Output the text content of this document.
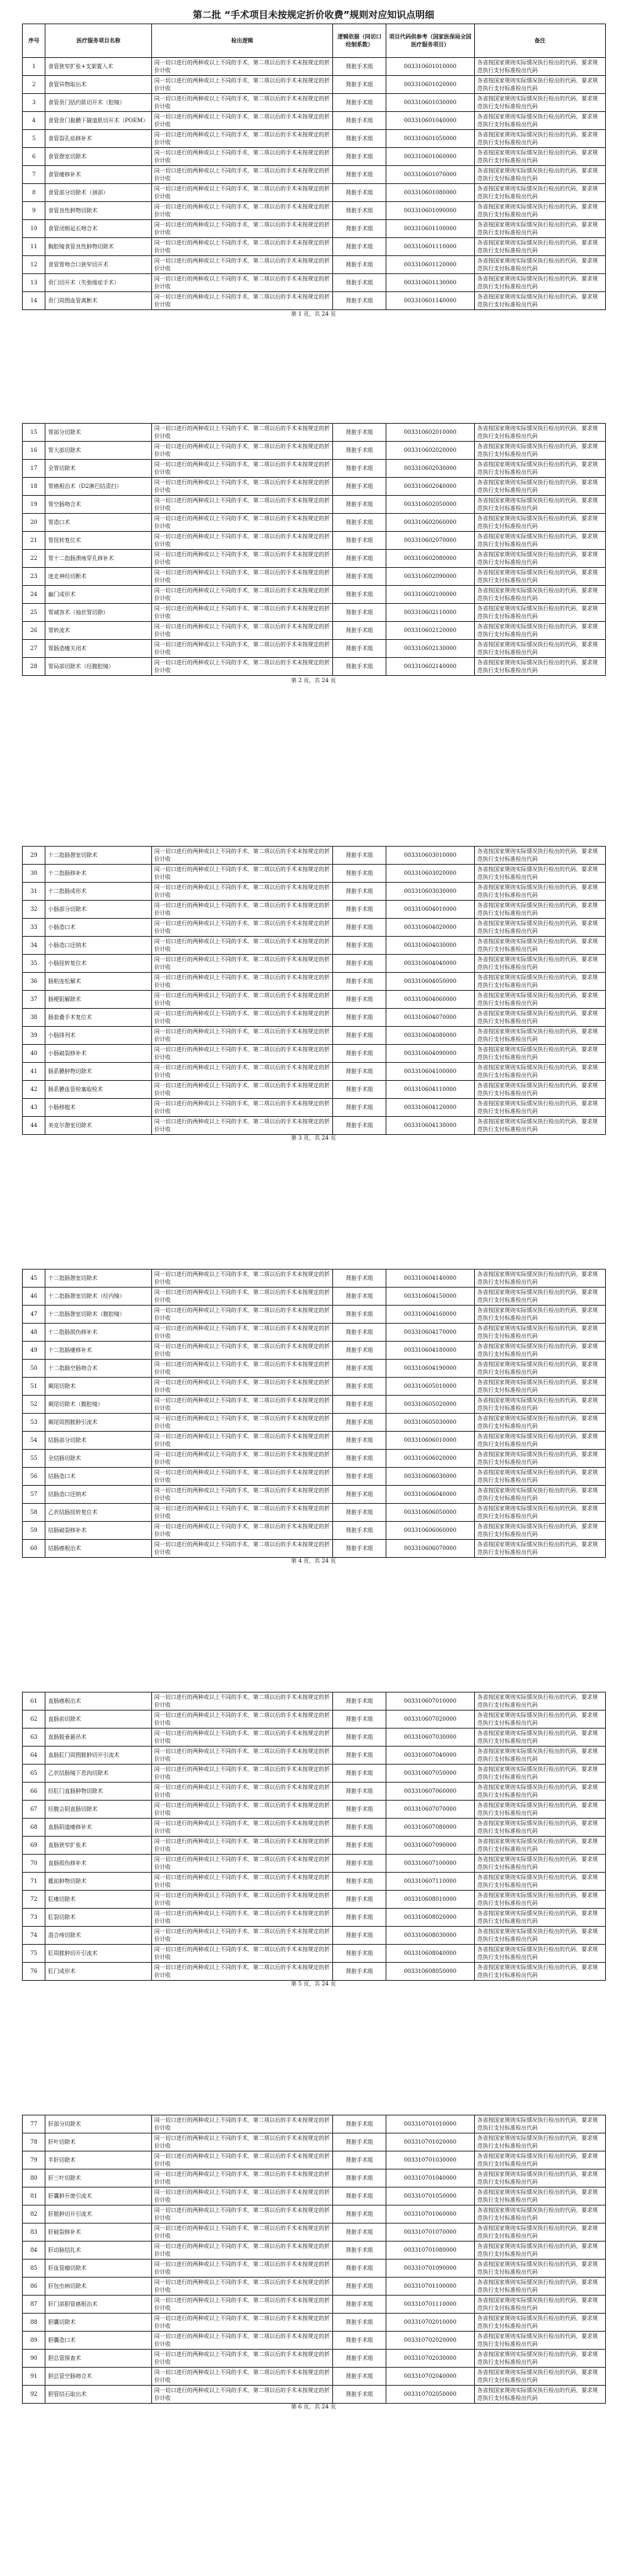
第二批 “手术项目未按规定折价收费”规则对应知识点明细
序号	医疗服务项目名称	检出逻辑	逻辑依据（同切口经制系数）	项目代码供参考（国家医保局全国医疗服务项目）	备注
1	食管狭窄扩张+支架置入术	同一切口进行的两种或以上不同的手术，第二项以后的手术未按规定的折价计收	肾脏手术组	003310601010000	各省按国家规则实际情况执行检出的代码，要求规范执行支付标准检出代码
2	食管异物取出术	同一切口进行的两种或以上不同的手术，第二项以后的手术未按规定的折价计收	肾脏手术组	003310601020000	各省按国家规则实际情况执行检出的代码，要求规范执行支付标准检出代码
3	食管贲门括约肌切开术（腔镜）	同一切口进行的两种或以上不同的手术，第二项以后的手术未按规定的折价计收	肾脏手术组	003310601030000	各省按国家规则实际情况执行检出的代码，要求规范执行支付标准检出代码
4	食管贲门黏膜下隧道肌切开术（POEM）	同一切口进行的两种或以上不同的手术，第二项以后的手术未按规定的折价计收	肾脏手术组	003310601040000	各省按国家规则实际情况执行检出的代码，要求规范执行支付标准检出代码
5	食管裂孔疝修补术	同一切口进行的两种或以上不同的手术，第二项以后的手术未按规定的折价计收	肾脏手术组	003310601050000	各省按国家规则实际情况执行检出的代码，要求规范执行支付标准检出代码
6	食管憩室切除术	同一切口进行的两种或以上不同的手术，第二项以后的手术未按规定的折价计收	肾脏手术组	003310601060000	各省按国家规则实际情况执行检出的代码，要求规范执行支付标准检出代码
7	食管瘘修补术	同一切口进行的两种或以上不同的手术，第二项以后的手术未按规定的折价计收	肾脏手术组	003310601070000	各省按国家规则实际情况执行检出的代码，要求规范执行支付标准检出代码
8	食管部分切除术（颈部）	同一切口进行的两种或以上不同的手术，第二项以后的手术未按规定的折价计收	肾脏手术组	003310601080000	各省按国家规则实际情况执行检出的代码，要求规范执行支付标准检出代码
9	食管良性肿物切除术	同一切口进行的两种或以上不同的手术，第二项以后的手术未按规定的折价计收	肾脏手术组	003310601090000	各省按国家规则实际情况执行检出的代码，要求规范执行支付标准检出代码
10	食管闭锁延长吻合术	同一切口进行的两种或以上不同的手术，第二项以后的手术未按规定的折价计收	肾脏手术组	003310601100000	各省按国家规则实际情况执行检出的代码，要求规范执行支付标准检出代码
11	胸腔镜食管良性肿物切除术	同一切口进行的两种或以上不同的手术，第二项以后的手术未按规定的折价计收	肾脏手术组	003310601110000	各省按国家规则实际情况执行检出的代码，要求规范执行支付标准检出代码
12	食管胃吻合口狭窄切开术	同一切口进行的两种或以上不同的手术，第二项以后的手术未按规定的折价计收	肾脏手术组	003310601120000	各省按国家规则实际情况执行检出的代码，要求规范执行支付标准检出代码
13	贲门切开术（失弛缓症手术）	同一切口进行的两种或以上不同的手术，第二项以后的手术未按规定的折价计收	肾脏手术组	003310601130000	各省按国家规则实际情况执行检出的代码，要求规范执行支付标准检出代码
14	贲门周围血管离断术	同一切口进行的两种或以上不同的手术，第二项以后的手术未按规定的折价计收	肾脏手术组	003310601140000	各省按国家规则实际情况执行检出的代码，要求规范执行支付标准检出代码
第 1 页，共 24 页
15	胃部分切除术	同一切口进行的两种或以上不同的手术，第二项以后的手术未按规定的折价计收	肾脏手术组	003310602010000	各省按国家规则实际情况执行检出的代码，要求规范执行支付标准检出代码
16	胃大部切除术	同一切口进行的两种或以上不同的手术，第二项以后的手术未按规定的折价计收	肾脏手术组	003310602020000	各省按国家规则实际情况执行检出的代码，要求规范执行支付标准检出代码
17	全胃切除术	同一切口进行的两种或以上不同的手术，第二项以后的手术未按规定的折价计收	肾脏手术组	003310602030000	各省按国家规则实际情况执行检出的代码，要求规范执行支付标准检出代码
18	胃癌根治术（D2淋巴结清扫）	同一切口进行的两种或以上不同的手术，第二项以后的手术未按规定的折价计收	肾脏手术组	003310602040000	各省按国家规则实际情况执行检出的代码，要求规范执行支付标准检出代码
19	胃空肠吻合术	同一切口进行的两种或以上不同的手术，第二项以后的手术未按规定的折价计收	肾脏手术组	003310602050000	各省按国家规则实际情况执行检出的代码，要求规范执行支付标准检出代码
20	胃造口术	同一切口进行的两种或以上不同的手术，第二项以后的手术未按规定的折价计收	肾脏手术组	003310602060000	各省按国家规则实际情况执行检出的代码，要求规范执行支付标准检出代码
21	胃扭转复位术	同一切口进行的两种或以上不同的手术，第二项以后的手术未按规定的折价计收	肾脏手术组	003310602070000	各省按国家规则实际情况执行检出的代码，要求规范执行支付标准检出代码
22	胃十二指肠溃疡穿孔修补术	同一切口进行的两种或以上不同的手术，第二项以后的手术未按规定的折价计收	肾脏手术组	003310602080000	各省按国家规则实际情况执行检出的代码，要求规范执行支付标准检出代码
23	迷走神经切断术	同一切口进行的两种或以上不同的手术，第二项以后的手术未按规定的折价计收	肾脏手术组	003310602090000	各省按国家规则实际情况执行检出的代码，要求规范执行支付标准检出代码
24	幽门成形术	同一切口进行的两种或以上不同的手术，第二项以后的手术未按规定的折价计收	肾脏手术组	003310602100000	各省按国家规则实际情况执行检出的代码，要求规范执行支付标准检出代码
25	胃减容术（袖状胃切除）	同一切口进行的两种或以上不同的手术，第二项以后的手术未按规定的折价计收	肾脏手术组	003310602110000	各省按国家规则实际情况执行检出的代码，要求规范执行支付标准检出代码
26	胃转流术	同一切口进行的两种或以上不同的手术，第二项以后的手术未按规定的折价计收	肾脏手术组	003310602120000	各省按国家规则实际情况执行检出的代码，要求规范执行支付标准检出代码
27	胃肠造瘘关闭术	同一切口进行的两种或以上不同的手术，第二项以后的手术未按规定的折价计收	肾脏手术组	003310602130000	各省按国家规则实际情况执行检出的代码，要求规范执行支付标准检出代码
28	胃局部切除术（经腹腔镜）	同一切口进行的两种或以上不同的手术，第二项以后的手术未按规定的折价计收	肾脏手术组	003310602140000	各省按国家规则实际情况执行检出的代码，要求规范执行支付标准检出代码
第 2 页，共 24 页
29	十二指肠憩室切除术	同一切口进行的两种或以上不同的手术，第二项以后的手术未按规定的折价计收	肾脏手术组	003310603010000	各省按国家规则实际情况执行检出的代码，要求规范执行支付标准检出代码
30	十二指肠修补术	同一切口进行的两种或以上不同的手术，第二项以后的手术未按规定的折价计收	肾脏手术组	003310603020000	各省按国家规则实际情况执行检出的代码，要求规范执行支付标准检出代码
31	十二指肠成形术	同一切口进行的两种或以上不同的手术，第二项以后的手术未按规定的折价计收	肾脏手术组	003310603030000	各省按国家规则实际情况执行检出的代码，要求规范执行支付标准检出代码
32	小肠部分切除术	同一切口进行的两种或以上不同的手术，第二项以后的手术未按规定的折价计收	肾脏手术组	003310604010000	各省按国家规则实际情况执行检出的代码，要求规范执行支付标准检出代码
33	小肠造口术	同一切口进行的两种或以上不同的手术，第二项以后的手术未按规定的折价计收	肾脏手术组	003310604020000	各省按国家规则实际情况执行检出的代码，要求规范执行支付标准检出代码
34	小肠造口还纳术	同一切口进行的两种或以上不同的手术，第二项以后的手术未按规定的折价计收	肾脏手术组	003310604030000	各省按国家规则实际情况执行检出的代码，要求规范执行支付标准检出代码
35	小肠扭转复位术	同一切口进行的两种或以上不同的手术，第二项以后的手术未按规定的折价计收	肾脏手术组	003310604040000	各省按国家规则实际情况执行检出的代码，要求规范执行支付标准检出代码
36	肠粘连松解术	同一切口进行的两种或以上不同的手术，第二项以后的手术未按规定的折价计收	肾脏手术组	003310604050000	各省按国家规则实际情况执行检出的代码，要求规范执行支付标准检出代码
37	肠梗阻解除术	同一切口进行的两种或以上不同的手术，第二项以后的手术未按规定的折价计收	肾脏手术组	003310604060000	各省按国家规则实际情况执行检出的代码，要求规范执行支付标准检出代码
38	肠套叠手术复位术	同一切口进行的两种或以上不同的手术，第二项以后的手术未按规定的折价计收	肾脏手术组	003310604070000	各省按国家规则实际情况执行检出的代码，要求规范执行支付标准检出代码
39	小肠排列术	同一切口进行的两种或以上不同的手术，第二项以后的手术未按规定的折价计收	肾脏手术组	003310604080000	各省按国家规则实际情况执行检出的代码，要求规范执行支付标准检出代码
40	小肠破裂修补术	同一切口进行的两种或以上不同的手术，第二项以后的手术未按规定的折价计收	肾脏手术组	003310604090000	各省按国家规则实际情况执行检出的代码，要求规范执行支付标准检出代码
41	肠系膜肿物切除术	同一切口进行的两种或以上不同的手术，第二项以后的手术未按规定的折价计收	肾脏手术组	003310604100000	各省按国家规则实际情况执行检出的代码，要求规范执行支付标准检出代码
42	肠系膜血管栓塞取栓术	同一切口进行的两种或以上不同的手术，第二项以后的手术未按规定的折价计收	肾脏手术组	003310604110000	各省按国家规则实际情况执行检出的代码，要求规范执行支付标准检出代码
43	小肠移植术	同一切口进行的两种或以上不同的手术，第二项以后的手术未按规定的折价计收	肾脏手术组	003310604120000	各省按国家规则实际情况执行检出的代码，要求规范执行支付标准检出代码
44	美克尔憩室切除术	同一切口进行的两种或以上不同的手术，第二项以后的手术未按规定的折价计收	肾脏手术组	003310604130000	各省按国家规则实际情况执行检出的代码，要求规范执行支付标准检出代码
第 3 页，共 24 页
45	十二指肠憩室切除术	同一切口进行的两种或以上不同的手术，第二项以后的手术未按规定的折价计收	肾脏手术组	003310604140000	各省按国家规则实际情况执行检出的代码，要求规范执行支付标准检出代码
46	十二指肠憩室切除术（经内镜）	同一切口进行的两种或以上不同的手术，第二项以后的手术未按规定的折价计收	肾脏手术组	003310604150000	各省按国家规则实际情况执行检出的代码，要求规范执行支付标准检出代码
47	十二指肠憩室切除术（腹腔镜）	同一切口进行的两种或以上不同的手术，第二项以后的手术未按规定的折价计收	肾脏手术组	003310604160000	各省按国家规则实际情况执行检出的代码，要求规范执行支付标准检出代码
48	十二指肠损伤修补术	同一切口进行的两种或以上不同的手术，第二项以后的手术未按规定的折价计收	肾脏手术组	003310604170000	各省按国家规则实际情况执行检出的代码，要求规范执行支付标准检出代码
49	十二指肠瘘修补术	同一切口进行的两种或以上不同的手术，第二项以后的手术未按规定的折价计收	肾脏手术组	003310604180000	各省按国家规则实际情况执行检出的代码，要求规范执行支付标准检出代码
50	十二指肠空肠吻合术	同一切口进行的两种或以上不同的手术，第二项以后的手术未按规定的折价计收	肾脏手术组	003310604190000	各省按国家规则实际情况执行检出的代码，要求规范执行支付标准检出代码
51	阑尾切除术	同一切口进行的两种或以上不同的手术，第二项以后的手术未按规定的折价计收	肾脏手术组	003310605010000	各省按国家规则实际情况执行检出的代码，要求规范执行支付标准检出代码
52	阑尾切除术（腹腔镜）	同一切口进行的两种或以上不同的手术，第二项以后的手术未按规定的折价计收	肾脏手术组	003310605020000	各省按国家规则实际情况执行检出的代码，要求规范执行支付标准检出代码
53	阑尾周围脓肿引流术	同一切口进行的两种或以上不同的手术，第二项以后的手术未按规定的折价计收	肾脏手术组	003310605030000	各省按国家规则实际情况执行检出的代码，要求规范执行支付标准检出代码
54	结肠部分切除术	同一切口进行的两种或以上不同的手术，第二项以后的手术未按规定的折价计收	肾脏手术组	003310606010000	各省按国家规则实际情况执行检出的代码，要求规范执行支付标准检出代码
55	全结肠切除术	同一切口进行的两种或以上不同的手术，第二项以后的手术未按规定的折价计收	肾脏手术组	003310606020000	各省按国家规则实际情况执行检出的代码，要求规范执行支付标准检出代码
56	结肠造口术	同一切口进行的两种或以上不同的手术，第二项以后的手术未按规定的折价计收	肾脏手术组	003310606030000	各省按国家规则实际情况执行检出的代码，要求规范执行支付标准检出代码
57	结肠造口还纳术	同一切口进行的两种或以上不同的手术，第二项以后的手术未按规定的折价计收	肾脏手术组	003310606040000	各省按国家规则实际情况执行检出的代码，要求规范执行支付标准检出代码
58	乙状结肠扭转复位术	同一切口进行的两种或以上不同的手术，第二项以后的手术未按规定的折价计收	肾脏手术组	003310606050000	各省按国家规则实际情况执行检出的代码，要求规范执行支付标准检出代码
59	结肠破裂修补术	同一切口进行的两种或以上不同的手术，第二项以后的手术未按规定的折价计收	肾脏手术组	003310606060000	各省按国家规则实际情况执行检出的代码，要求规范执行支付标准检出代码
60	结肠癌根治术	同一切口进行的两种或以上不同的手术，第二项以后的手术未按规定的折价计收	肾脏手术组	003310606070000	各省按国家规则实际情况执行检出的代码，要求规范执行支付标准检出代码
第 4 页，共 24 页
61	直肠癌根治术	同一切口进行的两种或以上不同的手术，第二项以后的手术未按规定的折价计收	肾脏手术组	003310607010000	各省按国家规则实际情况执行检出的代码，要求规范执行支付标准检出代码
62	直肠前切除术	同一切口进行的两种或以上不同的手术，第二项以后的手术未按规定的折价计收	肾脏手术组	003310607020000	各省按国家规则实际情况执行检出的代码，要求规范执行支付标准检出代码
63	直肠脱垂悬吊术	同一切口进行的两种或以上不同的手术，第二项以后的手术未按规定的折价计收	肾脏手术组	003310607030000	各省按国家规则实际情况执行检出的代码，要求规范执行支付标准检出代码
64	直肠肛门周围脓肿切开引流术	同一切口进行的两种或以上不同的手术，第二项以后的手术未按规定的折价计收	肾脏手术组	003310607040000	各省按国家规则实际情况执行检出的代码，要求规范执行支付标准检出代码
65	乙状结肠镜下息肉切除术	同一切口进行的两种或以上不同的手术，第二项以后的手术未按规定的折价计收	肾脏手术组	003310607050000	各省按国家规则实际情况执行检出的代码，要求规范执行支付标准检出代码
66	经肛门直肠肿物切除术	同一切口进行的两种或以上不同的手术，第二项以后的手术未按规定的折价计收	肾脏手术组	003310607060000	各省按国家规则实际情况执行检出的代码，要求规范执行支付标准检出代码
67	经腹会阴直肠切除术	同一切口进行的两种或以上不同的手术，第二项以后的手术未按规定的折价计收	肾脏手术组	003310607070000	各省按国家规则实际情况执行检出的代码，要求规范执行支付标准检出代码
68	直肠阴道瘘修补术	同一切口进行的两种或以上不同的手术，第二项以后的手术未按规定的折价计收	肾脏手术组	003310607080000	各省按国家规则实际情况执行检出的代码，要求规范执行支付标准检出代码
69	直肠狭窄扩张术	同一切口进行的两种或以上不同的手术，第二项以后的手术未按规定的折价计收	肾脏手术组	003310607090000	各省按国家规则实际情况执行检出的代码，要求规范执行支付标准检出代码
70	直肠损伤修补术	同一切口进行的两种或以上不同的手术，第二项以后的手术未按规定的折价计收	肾脏手术组	003310607100000	各省按国家规则实际情况执行检出的代码，要求规范执行支付标准检出代码
71	骶前肿物切除术	同一切口进行的两种或以上不同的手术，第二项以后的手术未按规定的折价计收	肾脏手术组	003310607110000	各省按国家规则实际情况执行检出的代码，要求规范执行支付标准检出代码
72	肛瘘切除术	同一切口进行的两种或以上不同的手术，第二项以后的手术未按规定的折价计收	肾脏手术组	003310608010000	各省按国家规则实际情况执行检出的代码，要求规范执行支付标准检出代码
73	肛裂切除术	同一切口进行的两种或以上不同的手术，第二项以后的手术未按规定的折价计收	肾脏手术组	003310608020000	各省按国家规则实际情况执行检出的代码，要求规范执行支付标准检出代码
74	混合痔切除术	同一切口进行的两种或以上不同的手术，第二项以后的手术未按规定的折价计收	肾脏手术组	003310608030000	各省按国家规则实际情况执行检出的代码，要求规范执行支付标准检出代码
75	肛周脓肿切开引流术	同一切口进行的两种或以上不同的手术，第二项以后的手术未按规定的折价计收	肾脏手术组	003310608040000	各省按国家规则实际情况执行检出的代码，要求规范执行支付标准检出代码
76	肛门成形术	同一切口进行的两种或以上不同的手术，第二项以后的手术未按规定的折价计收	肾脏手术组	003310608050000	各省按国家规则实际情况执行检出的代码，要求规范执行支付标准检出代码
第 5 页，共 24 页
77	肝部分切除术	同一切口进行的两种或以上不同的手术，第二项以后的手术未按规定的折价计收	肾脏手术组	003310701010000	各省按国家规则实际情况执行检出的代码，要求规范执行支付标准检出代码
78	肝叶切除术	同一切口进行的两种或以上不同的手术，第二项以后的手术未按规定的折价计收	肾脏手术组	003310701020000	各省按国家规则实际情况执行检出的代码，要求规范执行支付标准检出代码
79	半肝切除术	同一切口进行的两种或以上不同的手术，第二项以后的手术未按规定的折价计收	肾脏手术组	003310701030000	各省按国家规则实际情况执行检出的代码，要求规范执行支付标准检出代码
80	肝三叶切除术	同一切口进行的两种或以上不同的手术，第二项以后的手术未按规定的折价计收	肾脏手术组	003310701040000	各省按国家规则实际情况执行检出的代码，要求规范执行支付标准检出代码
81	肝囊肿开窗引流术	同一切口进行的两种或以上不同的手术，第二项以后的手术未按规定的折价计收	肾脏手术组	003310701050000	各省按国家规则实际情况执行检出的代码，要求规范执行支付标准检出代码
82	肝脓肿切开引流术	同一切口进行的两种或以上不同的手术，第二项以后的手术未按规定的折价计收	肾脏手术组	003310701060000	各省按国家规则实际情况执行检出的代码，要求规范执行支付标准检出代码
83	肝破裂修补术	同一切口进行的两种或以上不同的手术，第二项以后的手术未按规定的折价计收	肾脏手术组	003310701070000	各省按国家规则实际情况执行检出的代码，要求规范执行支付标准检出代码
84	肝动脉结扎术	同一切口进行的两种或以上不同的手术，第二项以后的手术未按规定的折价计收	肾脏手术组	003310701080000	各省按国家规则实际情况执行检出的代码，要求规范执行支付标准检出代码
85	肝血管瘤切除术	同一切口进行的两种或以上不同的手术，第二项以后的手术未按规定的折价计收	肾脏手术组	003310701090000	各省按国家规则实际情况执行检出的代码，要求规范执行支付标准检出代码
86	肝包虫病切除术	同一切口进行的两种或以上不同的手术，第二项以后的手术未按规定的折价计收	肾脏手术组	003310701100000	各省按国家规则实际情况执行检出的代码，要求规范执行支付标准检出代码
87	肝门部胆管癌根治术	同一切口进行的两种或以上不同的手术，第二项以后的手术未按规定的折价计收	肾脏手术组	003310701110000	各省按国家规则实际情况执行检出的代码，要求规范执行支付标准检出代码
88	胆囊切除术	同一切口进行的两种或以上不同的手术，第二项以后的手术未按规定的折价计收	肾脏手术组	003310702010000	各省按国家规则实际情况执行检出的代码，要求规范执行支付标准检出代码
89	胆囊造口术	同一切口进行的两种或以上不同的手术，第二项以后的手术未按规定的折价计收	肾脏手术组	003310702020000	各省按国家规则实际情况执行检出的代码，要求规范执行支付标准检出代码
90	胆总管探查术	同一切口进行的两种或以上不同的手术，第二项以后的手术未按规定的折价计收	肾脏手术组	003310702030000	各省按国家规则实际情况执行检出的代码，要求规范执行支付标准检出代码
91	胆总管空肠吻合术	同一切口进行的两种或以上不同的手术，第二项以后的手术未按规定的折价计收	肾脏手术组	003310702040000	各省按国家规则实际情况执行检出的代码，要求规范执行支付标准检出代码
92	胆管结石取出术	同一切口进行的两种或以上不同的手术，第二项以后的手术未按规定的折价计收	肾脏手术组	003310702050000	各省按国家规则实际情况执行检出的代码，要求规范执行支付标准检出代码
第 6 页，共 24 页
